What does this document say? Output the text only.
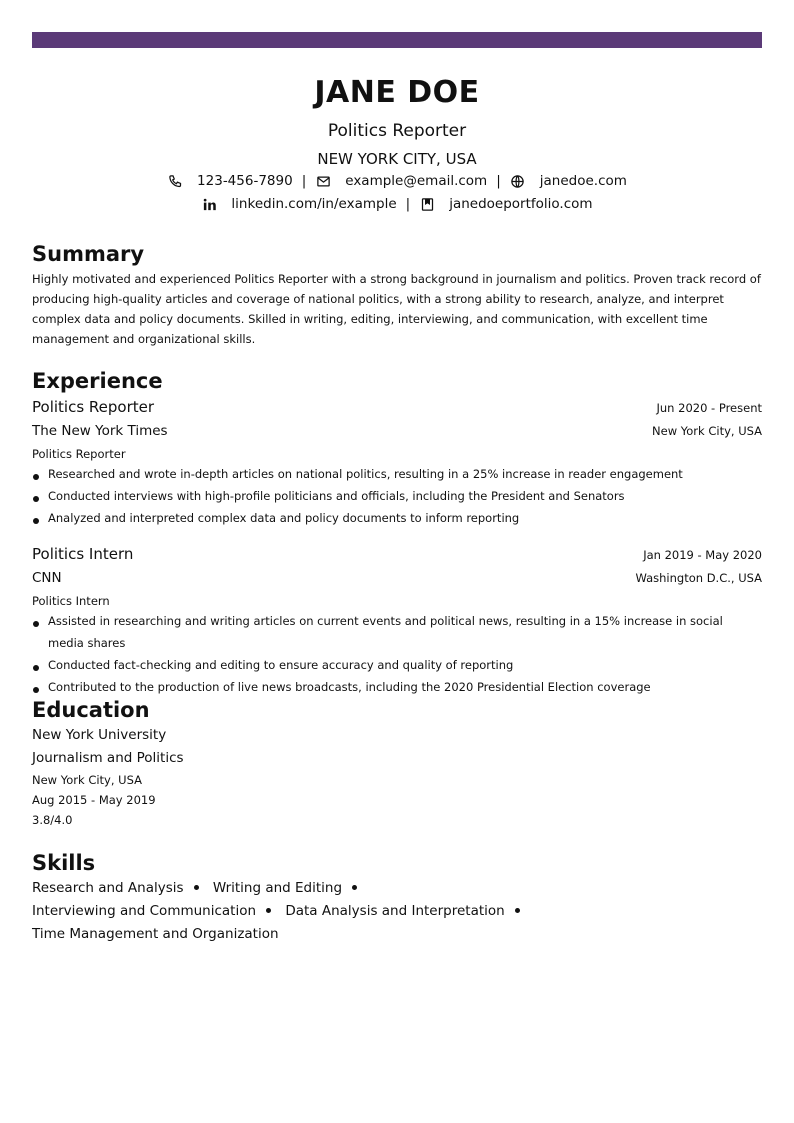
JANE DOE
Politics Reporter
NEW YORK CITY, USA
123-456-7890 |	example@email.com |	janedoe.com
linkedin.com/in/example |	janedoeportfolio.com
Summary
Highly motivated and experienced Politics Reporter with a strong background in journalism and politics. Proven track record of producing high-quality articles and coverage of national politics, with a strong ability to research, analyze, and interpret complex data and policy documents. Skilled in writing, editing, interviewing, and communication, with excellent time management and organizational skills.
Experience
Politics Reporter	Jun 2020 - Present
The New York Times	New York City, USA
Politics Reporter
Researched and wrote in-depth articles on national politics, resulting in a 25% increase in reader engagement
Conducted interviews with high-profile politicians and officials, including the President and Senators
Analyzed and interpreted complex data and policy documents to inform reporting
Politics Intern	Jan 2019 - May 2020
CNN	Washington D.C., USA
Politics Intern
Assisted in researching and writing articles on current events and political news, resulting in a 15% increase in social media shares
Conducted fact-checking and editing to ensure accuracy and quality of reporting
Contributed to the production of live news broadcasts, including the 2020 Presidential Election coverage
Education
New York University
Journalism and Politics
New York City, USA
Aug 2015 - May 2019
3.8/4.0
Skills
Research and Analysis Writing and Editing Interviewing and Communication Data Analysis and Interpretation Time Management and Organization
